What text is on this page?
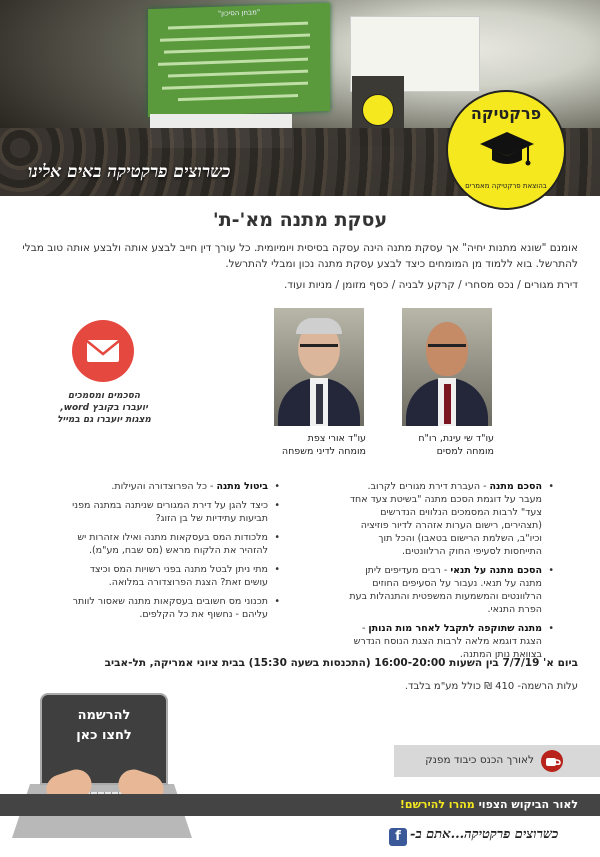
"מבחן הסיכון"
כשרוצים פרקטיקה באים אלינו
פרקטיקה
בהוצאת פרקטיקה מאמרים
עסקת מתנה מא'-ת'

אומנם "שונא מתנות יחיה" אך עסקת מתנה הינה עסקה בסיסית ויומיומית. כל עורך דין חייב לבצע אותה ולבצע אותה טוב מבלי להתרשל. בוא ללמוד מן המומחים כיצד לבצע עסקת מתנה נכון ומבלי להתרשל.

דירת מגורים / נכס מסחרי / קרקע לבניה / כסף מזומן / מניות ועוד.

עו"ד שי עינת, רו"ח
מומחה למסים
עו"ד אורי צפת
מומחה לדיני משפחה
הסכמים ומסמכים יועברו בקובץ word, מצגות יועברו גם במייל
• הסכם מתנה - העברת דירת מגורים לקרוב. מעבר על דוגמת הסכם מתנה "בשיטת צעד אחד צעד" לרבות המסמכים הנלווים הנדרשים (תצהירים, רישום הערות אזהרה לדיור פוזיציה וכיו"ב, השלמת הרישום בטאבו) והכל תוך התייחסות לסעיפי החוק הרלוונטים.
• הסכם מתנה על תנאי - רבים מעדיפים ליתן מתנה על תנאי. נעבור על הסעיפים החוזים הרלוונטים והמשמעות המשפטית והתנהלות בעת הפרת התנאי.
• מתנה שתוקפה לתקבל לאחר מות הנותן - הצגת דוגמא מלאה לרבות הצגת הנוסח הנדרש בצוואת נותן המתנה.
• ביטול מתנה - כל הפרוצדורה והעילות.
• כיצד להגן על דירת המגורים שניתנה במתנה מפני תביעות עתידיות של בן הזוג?
• מלכודות המס בעסקאות מתנה ואילו אזהרות יש להזהיר את הלקוח מראש (מס שבח, מע"מ).
• מתי ניתן לבטל מתנה בפני רשויות המס וכיצד עושים זאת? הצגת הפרוצדורה במלואה.
• תכנוני מס חשובים בעסקאות מתנה שאסור לוותר עליהם - נחשוף את כל הקלפים.

ביום א' 7/7/19 בין השעות 16:00-20:00 (התכנסות בשעה 15:30) בבית ציוני אמריקה, תל-אביב

עלות הרשמה- 410 ₪ כולל מע"מ בלבד.

להרשמה
לחצו כאן
לאורך הכנס כיבוד מפנק
לאור הביקוש הצפוי מהרו להירשם!
f כשרוצים פרקטיקה...אתם ב-
